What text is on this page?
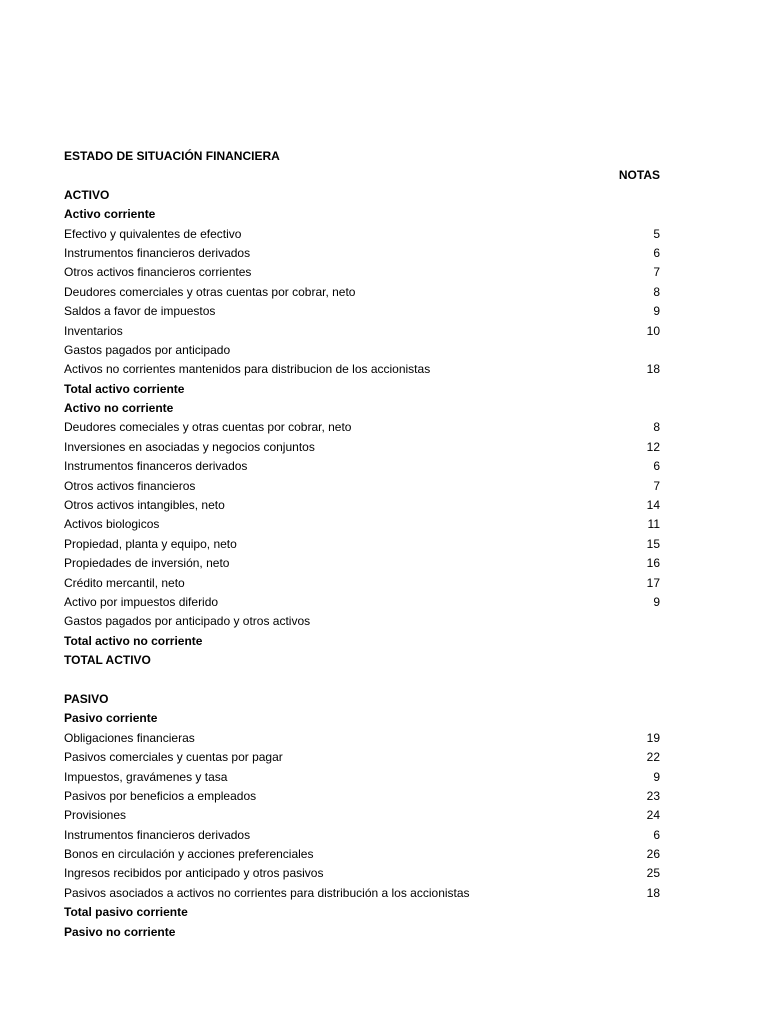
ESTADO DE SITUACIÓN FINANCIERA
NOTAS
ACTIVO
Activo corriente
Efectivo y quivalentes de efectivo	5
Instrumentos financieros derivados	6
Otros activos financieros corrientes	7
Deudores comerciales y otras cuentas por cobrar, neto	8
Saldos a favor de impuestos	9
Inventarios	10
Gastos pagados por anticipado
Activos no corrientes mantenidos para distribucion de los accionistas	18
Total activo corriente
Activo no corriente
Deudores comeciales y otras cuentas por cobrar, neto	8
Inversiones en asociadas y negocios conjuntos	12
Instrumentos financeros derivados	6
Otros activos financieros	7
Otros activos intangibles, neto	14
Activos biologicos	11
Propiedad, planta y equipo, neto	15
Propiedades de inversión, neto	16
Crédito mercantil, neto	17
Activo por impuestos diferido	9
Gastos pagados por anticipado y otros activos
Total activo no corriente
TOTAL ACTIVO
PASIVO
Pasivo corriente
Obligaciones financieras	19
Pasivos comerciales y cuentas por pagar	22
Impuestos, gravámenes y tasa	9
Pasivos por beneficios a empleados	23
Provisiones	24
Instrumentos financieros derivados	6
Bonos en circulación y acciones preferenciales	26
Ingresos recibidos por anticipado y otros pasivos	25
Pasivos asociados a activos no corrientes para distribución a los accionistas	18
Total pasivo corriente
Pasivo no corriente
